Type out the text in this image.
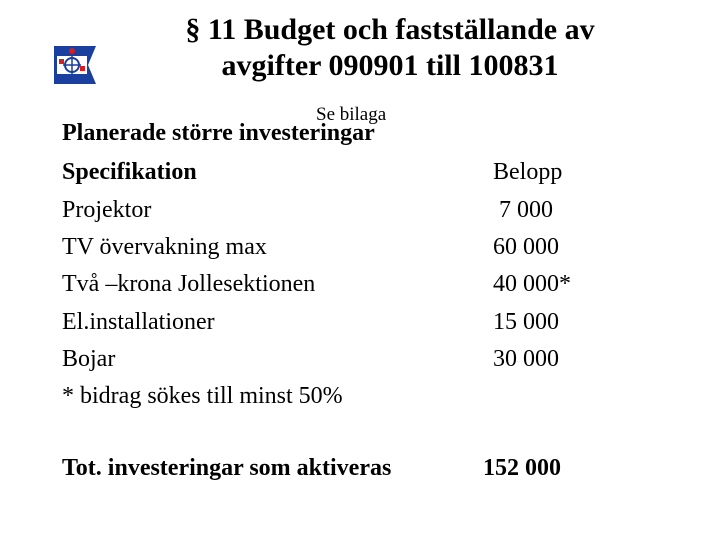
§ 11 Budget och fastställande av
avgifter 090901 till 100831
Se bilaga
Planerade större investeringar
Specifikation	Belopp
Projektor	7 000
TV övervakning max	60 000
Två –krona Jollesektionen	40 000*
El.installationer	15 000
Bojar	30 000
* bidrag sökes till minst 50%
Tot. investeringar som aktiveras	152 000
